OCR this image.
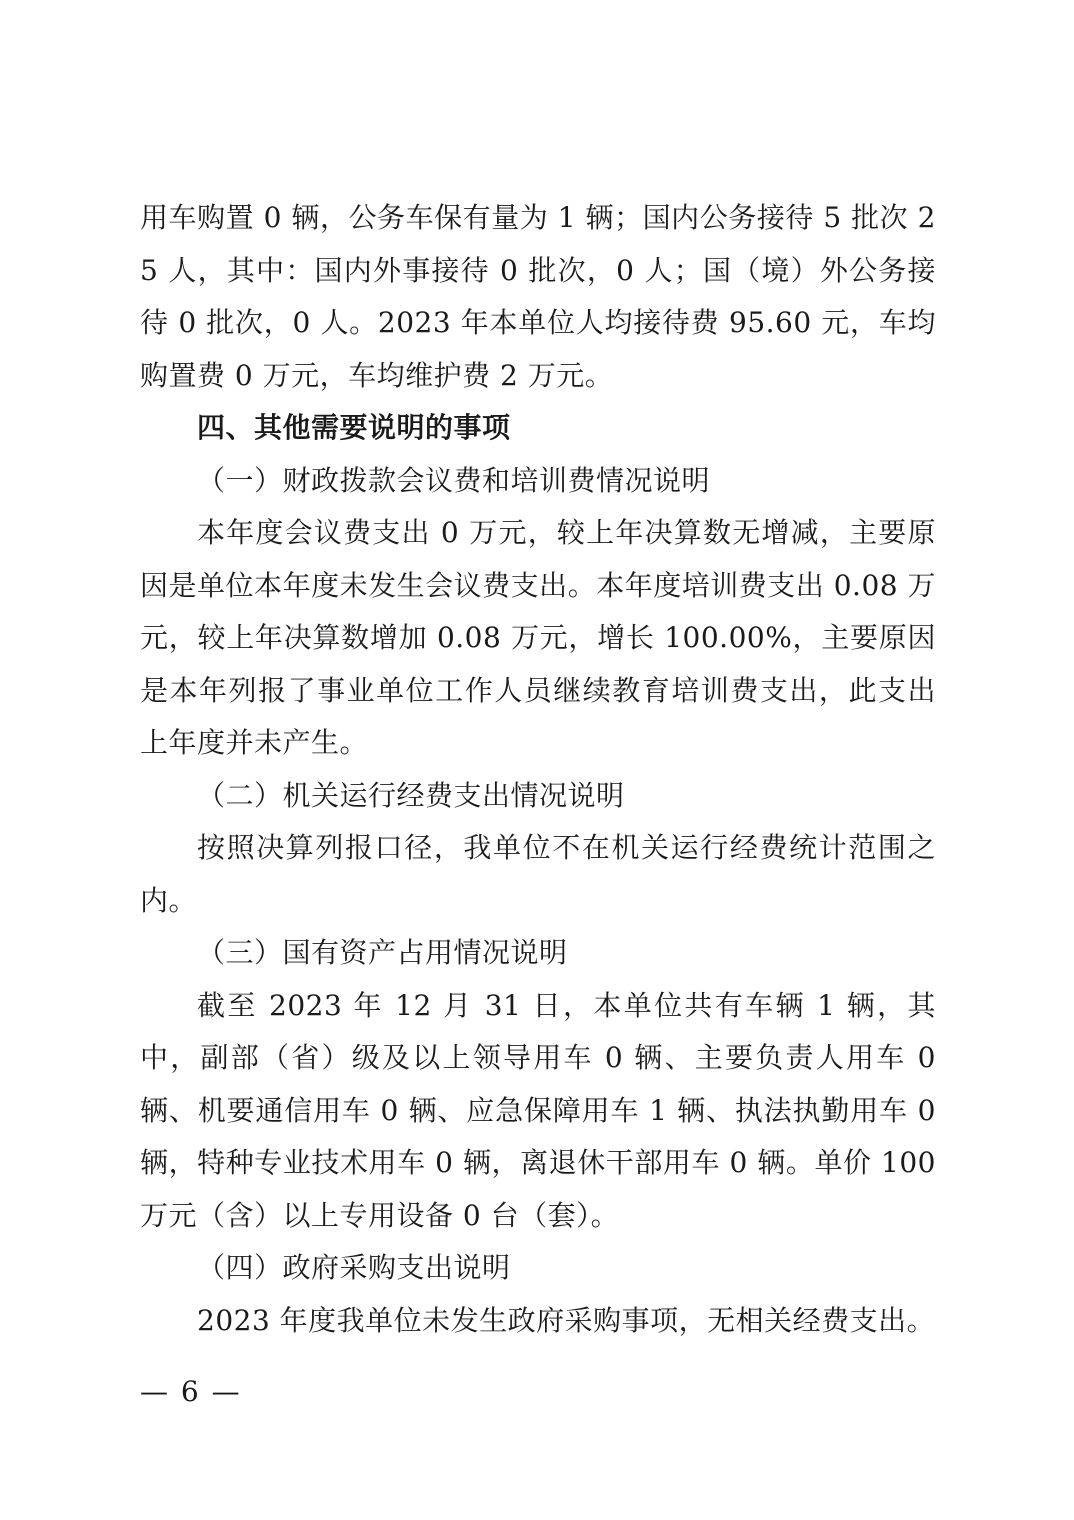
用车购置 0 辆，公务车保有量为 1 辆；国内公务接待 5 批次 25 人，其中：国内外事接待 0 批次，0 人；国（境）外公务接待 0 批次，0 人。2023 年本单位人均接待费 95.60 元，车均购置费 0 万元，车均维护费 2 万元。

四、其他需要说明的事项

（一）财政拨款会议费和培训费情况说明

本年度会议费支出 0 万元，较上年决算数无增减，主要原因是单位本年度未发生会议费支出。本年度培训费支出 0.08 万元，较上年决算数增加 0.08 万元，增长 100.00%，主要原因是本年列报了事业单位工作人员继续教育培训费支出，此支出上年度并未产生。

（二）机关运行经费支出情况说明

按照决算列报口径，我单位不在机关运行经费统计范围之内。

（三）国有资产占用情况说明

截至 2023 年 12 月 31 日，本单位共有车辆 1 辆，其中，副部（省）级及以上领导用车 0 辆、主要负责人用车 0 辆、机要通信用车 0 辆、应急保障用车 1 辆、执法执勤用车 0 辆，特种专业技术用车 0 辆，离退休干部用车 0 辆。单价 100 万元（含）以上专用设备 0 台（套）。

（四）政府采购支出说明

2023 年度我单位未发生政府采购事项，无相关经费支出。

— 6 —
